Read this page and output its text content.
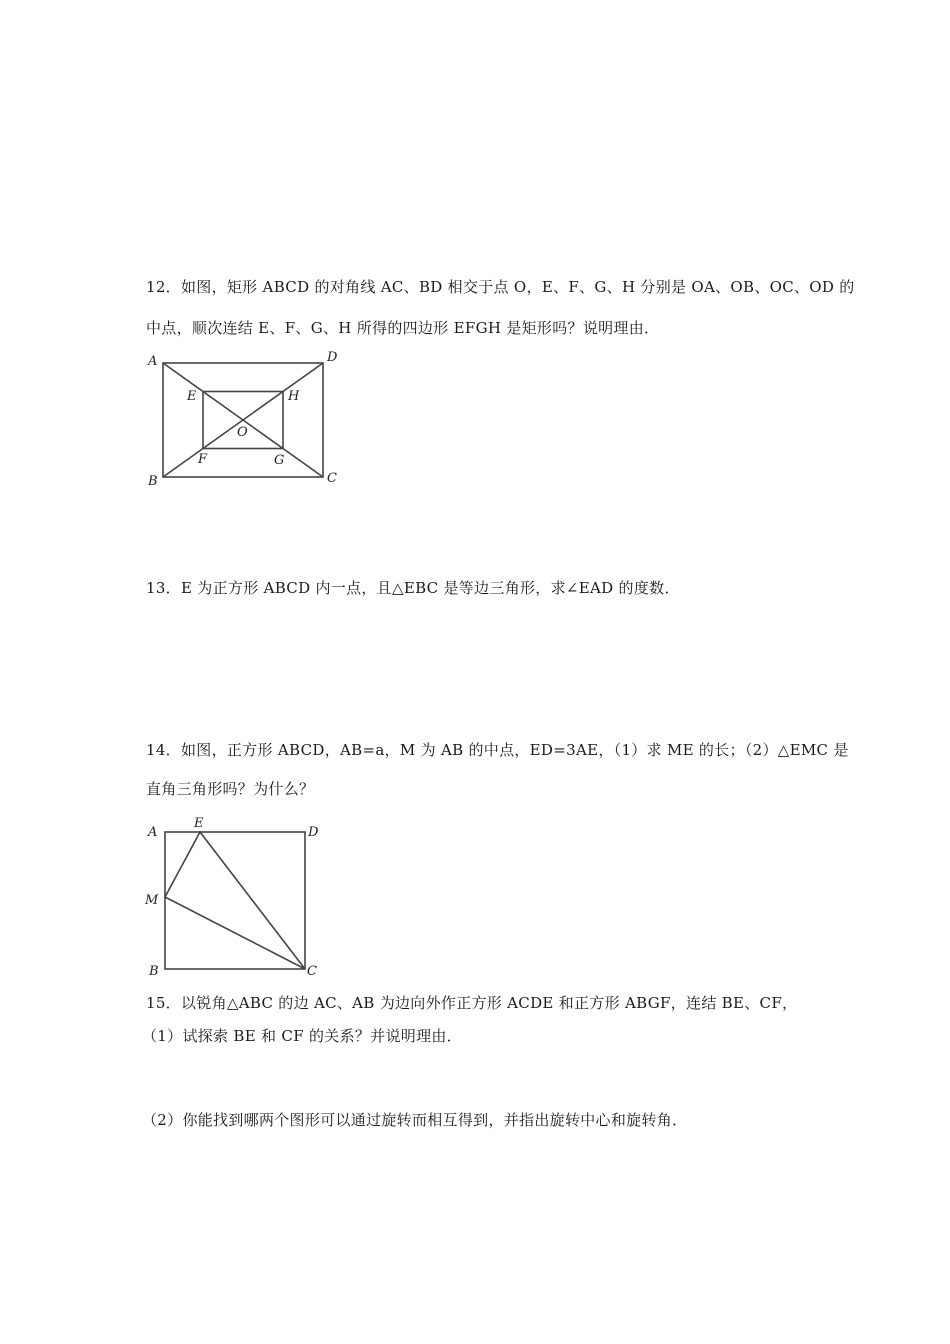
12．如图，矩形 ABCD 的对角线 AC、BD 相交于点 O，E、F、G、H 分别是 OA、OB、OC、OD 的
中点，顺次连结 E、F、G、H 所得的四边形 EFGH 是矩形吗？说明理由．
A	D
B	C
E	H
F	G
O
13．E 为正方形 ABCD 内一点，且△EBC 是等边三角形，求∠EAD 的度数．
14．如图，正方形 ABCD，AB=a，M 为 AB 的中点，ED=3AE，（1）求 ME 的长；（2）△EMC 是
直角三角形吗？为什么？
A
E
D
M
B	C
15．以锐角△ABC 的边 AC、AB 为边向外作正方形 ACDE 和正方形 ABGF，连结 BE、CF，
（1）试探索 BE 和 CF 的关系？并说明理由．
（2）你能找到哪两个图形可以通过旋转而相互得到，并指出旋转中心和旋转角．
